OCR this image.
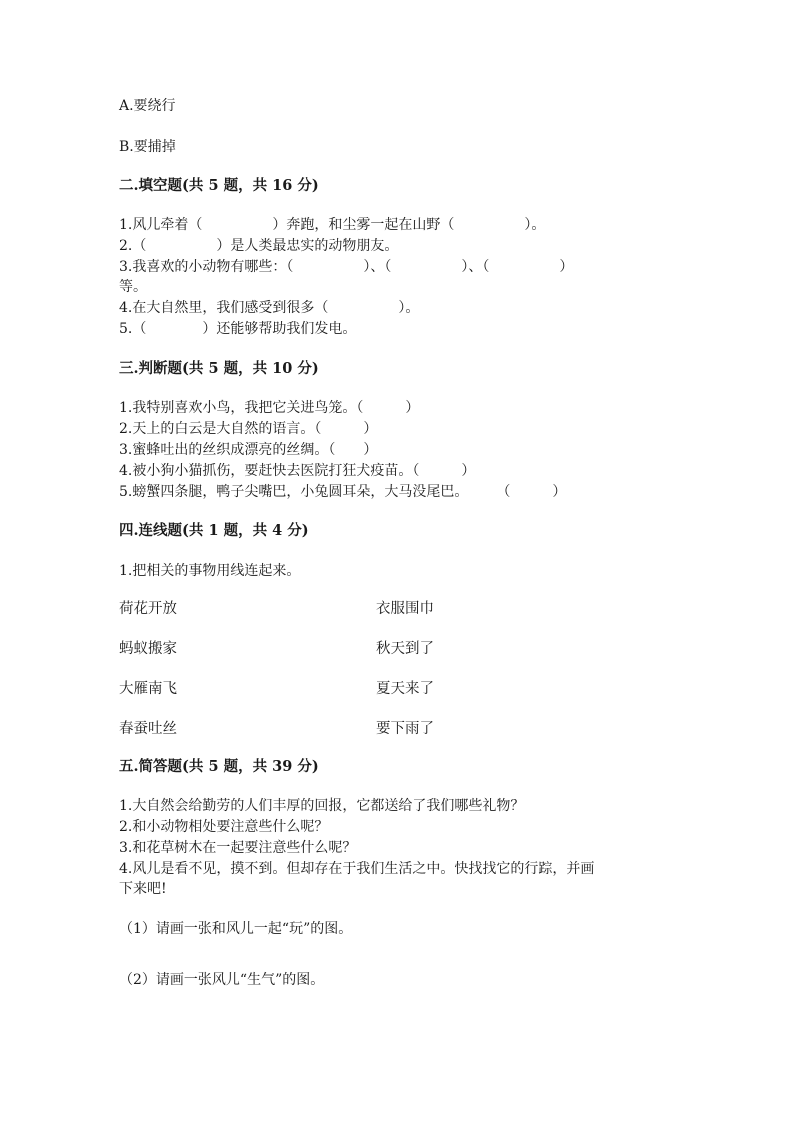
A.要绕行
B.要捕掉
二.填空题(共 5 题，共 16 分)
1.风儿牵着（　　　　　）奔跑，和尘雾一起在山野（　　　　　）。
2.（　　　　　）是人类最忠实的动物朋友。
3.我喜欢的小动物有哪些：（　　　　　）、（　　　　　）、（　　　　　）
等。
4.在大自然里，我们感受到很多（　　　　　）。
5.（　　　　）还能够帮助我们发电。
三.判断题(共 5 题，共 10 分)
1.我特别喜欢小鸟，我把它关进鸟笼。（　　　）
2.天上的白云是大自然的语言。（　　　）
3.蜜蜂吐出的丝织成漂亮的丝绸。（　　）
4.被小狗小猫抓伤，要赶快去医院打狂犬疫苗。（　　　）
5.螃蟹四条腿，鸭子尖嘴巴，小兔圆耳朵，大马没尾巴。　　　（　　　）
四.连线题(共 1 题，共 4 分)
1.把相关的事物用线连起来。
荷花开放	衣服围巾
蚂蚁搬家	秋天到了
大雁南飞	夏天来了
春蚕吐丝	要下雨了
五.简答题(共 5 题，共 39 分)
1.大自然会给勤劳的人们丰厚的回报，它都送给了我们哪些礼物？
2.和小动物相处要注意些什么呢？
3.和花草树木在一起要注意些什么呢？
4.风儿是看不见，摸不到。但却存在于我们生活之中。快找找它的行踪，并画
下来吧!
（1）请画一张和风儿一起“玩”的图。
（2）请画一张风儿“生气”的图。
